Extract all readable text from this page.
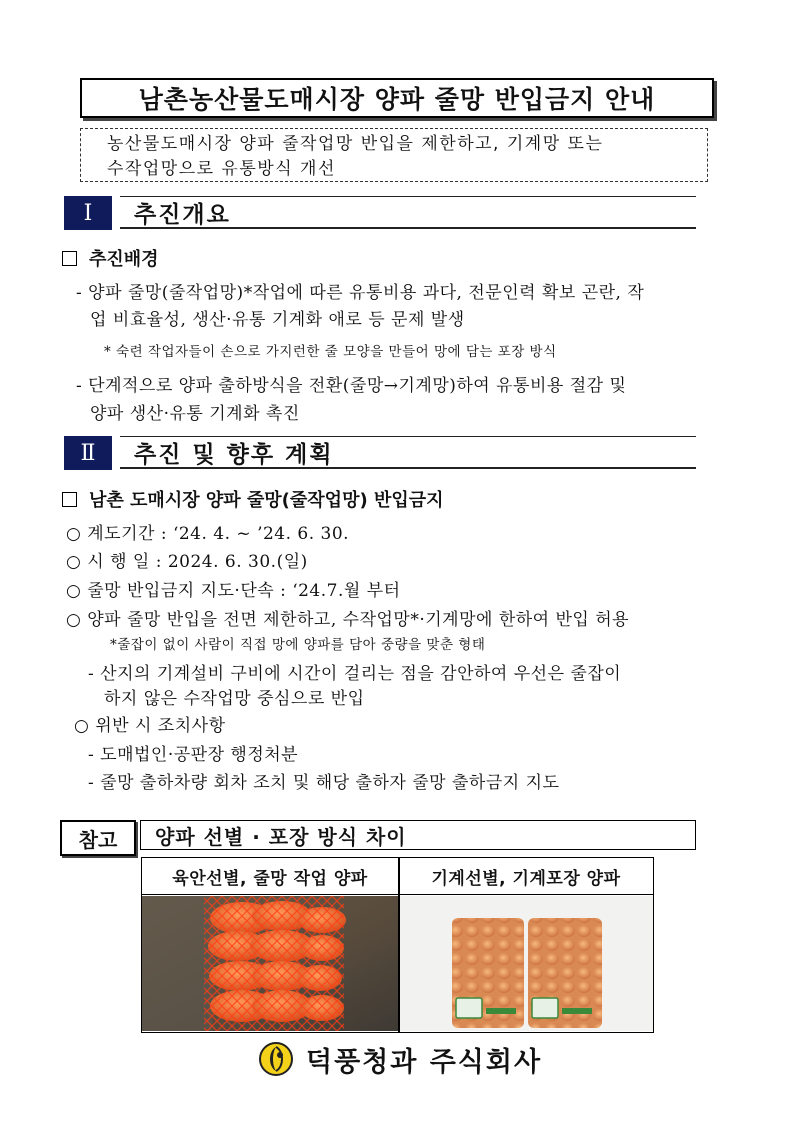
남촌농산물도매시장 양파 줄망 반입금지 안내
농산물도매시장 양파 줄작업망 반입을 제한하고, 기계망 또는
수작업망으로 유통방식 개선
Ⅰ	추진개요
추진배경
- 양파 줄망(줄작업망)*작업에 따른 유통비용 과다, 전문인력 확보 곤란, 작
업 비효율성, 생산·유통 기계화 애로 등 문제 발생
* 숙련 작업자들이 손으로 가지런한 줄 모양을 만들어 망에 담는 포장 방식
- 단계적으로 양파 출하방식을 전환(줄망→기계망)하여 유통비용 절감 및
양파 생산·유통 기계화 촉진
Ⅱ	추진 및 향후 계획
남촌 도매시장 양파 줄망(줄작업망) 반입금지
○ 계도기간 : ‘24. 4. ~ ’24. 6. 30.
○ 시 행 일 : 2024. 6. 30.(일)
○ 줄망 반입금지 지도·단속 : ‘24.7.월 부터
○ 양파 줄망 반입을 전면 제한하고, 수작업망*·기계망에 한하여 반입 허용
*줄잡이 없이 사람이 직접 망에 양파를 담아 중량을 맞춘 형태
- 산지의 기계설비 구비에 시간이 걸리는 점을 감안하여 우선은 줄잡이
하지 않은 수작업망 중심으로 반입
○ 위반 시 조치사항
- 도매법인·공판장 행정처분
- 줄망 출하차량 회차 조치 및 해당 출하자 줄망 출하금지 지도
참고 양파 선별 · 포장 방식 차이
육안선별, 줄망 작업 양파	기계선별, 기계포장 양파
덕풍청과 주식회사
